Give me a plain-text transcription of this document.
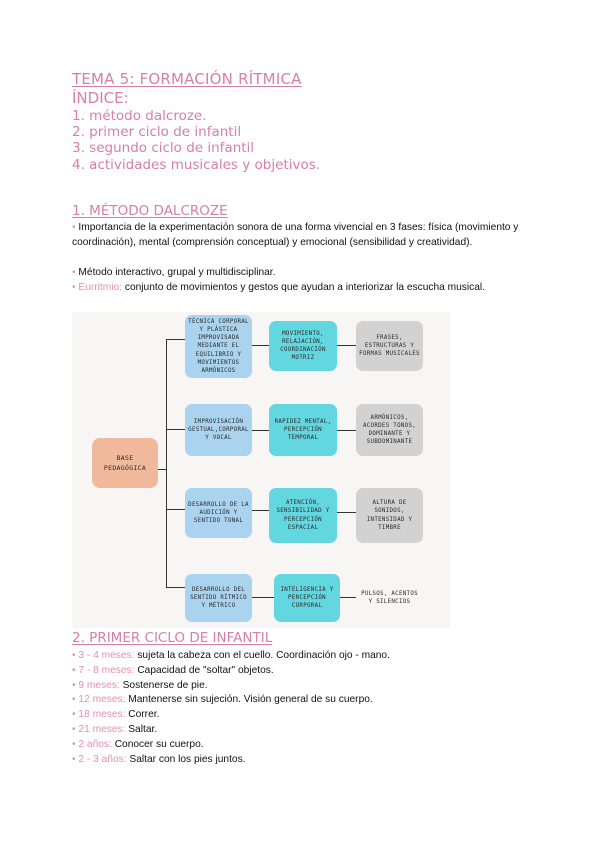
TEMA 5: FORMACIÓN RÍTMICA
ÍNDICE:
1. método dalcroze.
2. primer ciclo de infantil
3. segundo ciclo de infantil
4. actividades musicales y objetivos.
1. MÉTODO DALCROZE
• Importancia de la experimentación sonora de una forma vivencial en 3 fases: física (movimiento y coordinación), mental (comprensión conceptual) y emocional (sensibilidad y creatividad).
• Método interactivo, grupal y multidisciplinar.
• Eurritmio: conjunto de movimientos y gestos que ayudan a interiorizar la escucha musical.
BASE PEDAGÓGICA
TÉCNICA CORPORAL Y PLÁSTICA IMPROVISADA MEDIANTE EL EQUILIBRIO Y MOVIMIENTOS ARMÓNICOS
MOVIMIENTO, RELAJACIÓN, COORDINACIÓN MOTRIZ
FRASES, ESTRUCTURAS Y FORMAS MUSICALES
IMPROVISACIÓN GESTUAL,CORPORAL Y VOCAL
RAPIDEZ MENTAL, PERCEPCIÓN TEMPORAL
ARMÓNICOS, ACORDES TONOS, DOMINANTE Y SUBDOMINANTE
DESARROLLO DE LA AUDICIÓN Y SENTIDO TONAL
ATENCIÓN, SENSIBILIDAD Y PERCEPCIÓN ESPACIAL
ALTURA DE SONIDOS, INTENSIDAD Y TIMBRE
DESARROLLO DEL SENTIDO RÍTMICO Y MÉTRICO
INTELIGENCIA Y PERCEPCIÓN CORPORAL
PULSOS, ACENTOS Y SILENCIOS
2. PRIMER CICLO DE INFANTIL
• 3 - 4 meses: sujeta la cabeza con el cuello. Coordinación ojo - mano.
• 7 - 8 meses: Capacidad de "soltar" objetos.
• 9 meses: Sostenerse de pie.
• 12 meses: Mantenerse sin sujeción. Visión general de su cuerpo.
• 18 meses: Correr.
• 21 meses: Saltar.
• 2 años: Conocer su cuerpo.
• 2 - 3 años: Saltar con los pies juntos.
